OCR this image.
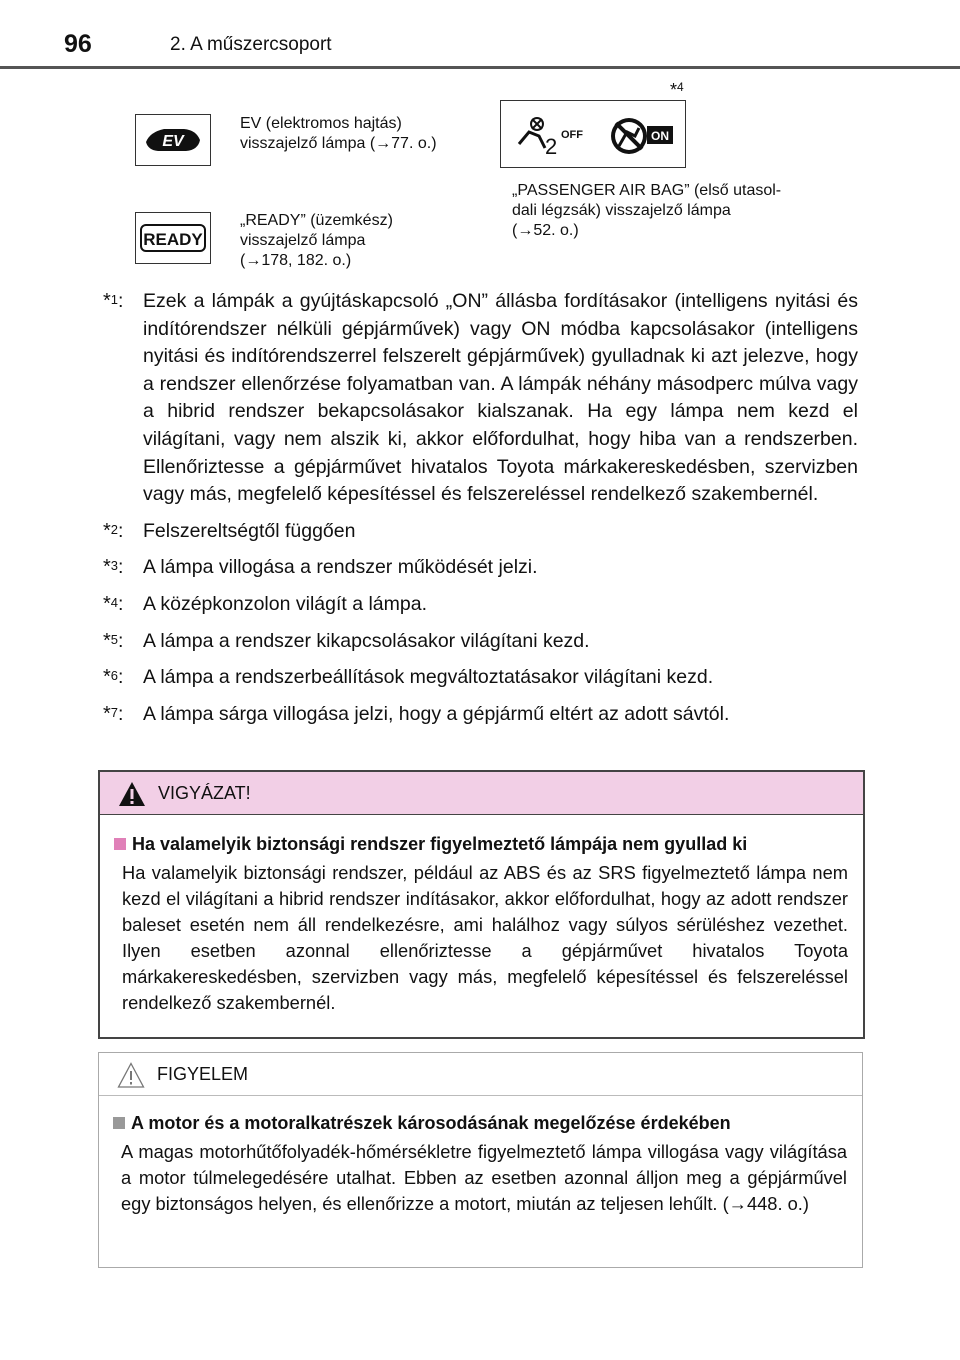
96	2. A műszercsoport
EV
EV (elektromos hajtás)
visszajelző lámpa (→77. o.)
READY
„READY” (üzemkész)
visszajelző lámpa
(→178, 182. o.)
*$^4$
2 OFF	ON
„PASSENGER AIR BAG” (első utasol-
dali légzsák) visszajelző lámpa
(→52. o.)
*$^1$: Ezek a lámpák a gyújtáskapcsoló „ON” állásba fordításakor (intelligens nyitási és indítórendszer nélküli gépjárművek) vagy ON módba kapcsolásakor (intelligens nyitási és indítórendszerrel felszerelt gépjárművek) gyulladnak ki azt jelezve, hogy a rendszer ellenőrzése folyamatban van. A lámpák néhány másodperc múlva vagy a hibrid rendszer bekapcsolásakor kialszanak. Ha egy lámpa nem kezd el világítani, vagy nem alszik ki, akkor előfordulhat, hogy hiba van a rendszerben. Ellenőriztesse a gépjárművet hivatalos Toyota márkakereskedésben, szervizben vagy más, megfelelő képesítéssel és felszereléssel rendelkező szakembernél.
*$^2$: Felszereltségtől függően
*$^3$: A lámpa villogása a rendszer működését jelzi.
*$^4$: A középkonzolon világít a lámpa.
*$^5$: A lámpa a rendszer kikapcsolásakor világítani kezd.
*$^6$: A lámpa a rendszerbeállítások megváltoztatásakor világítani kezd.
*$^7$: A lámpa sárga villogása jelzi, hogy a gépjármű eltért az adott sávtól.
VIGYÁZAT!
Ha valamelyik biztonsági rendszer figyelmeztető lámpája nem gyullad ki
Ha valamelyik biztonsági rendszer, például az ABS és az SRS figyelmeztető lámpa nem kezd el világítani a hibrid rendszer indításakor, akkor előfordulhat, hogy az adott rendszer baleset esetén nem áll rendelkezésre, ami halálhoz vagy súlyos sérüléshez vezethet. Ilyen esetben azonnal ellenőriztesse a gépjárművet hivatalos Toyota márkakereskedésben, szervizben vagy más, megfelelő képesítéssel és felszereléssel rendelkező szakembernél.
FIGYELEM
A motor és a motoralkatrészek károsodásának megelőzése érdekében
A magas motorhűtőfolyadék-hőmérsékletre figyelmeztető lámpa villogása vagy világítása a motor túlmelegedésére utalhat. Ebben az esetben azonnal álljon meg a gépjárművel egy biztonságos helyen, és ellenőrizze a motort, miután az teljesen lehűlt. (→448. o.)
